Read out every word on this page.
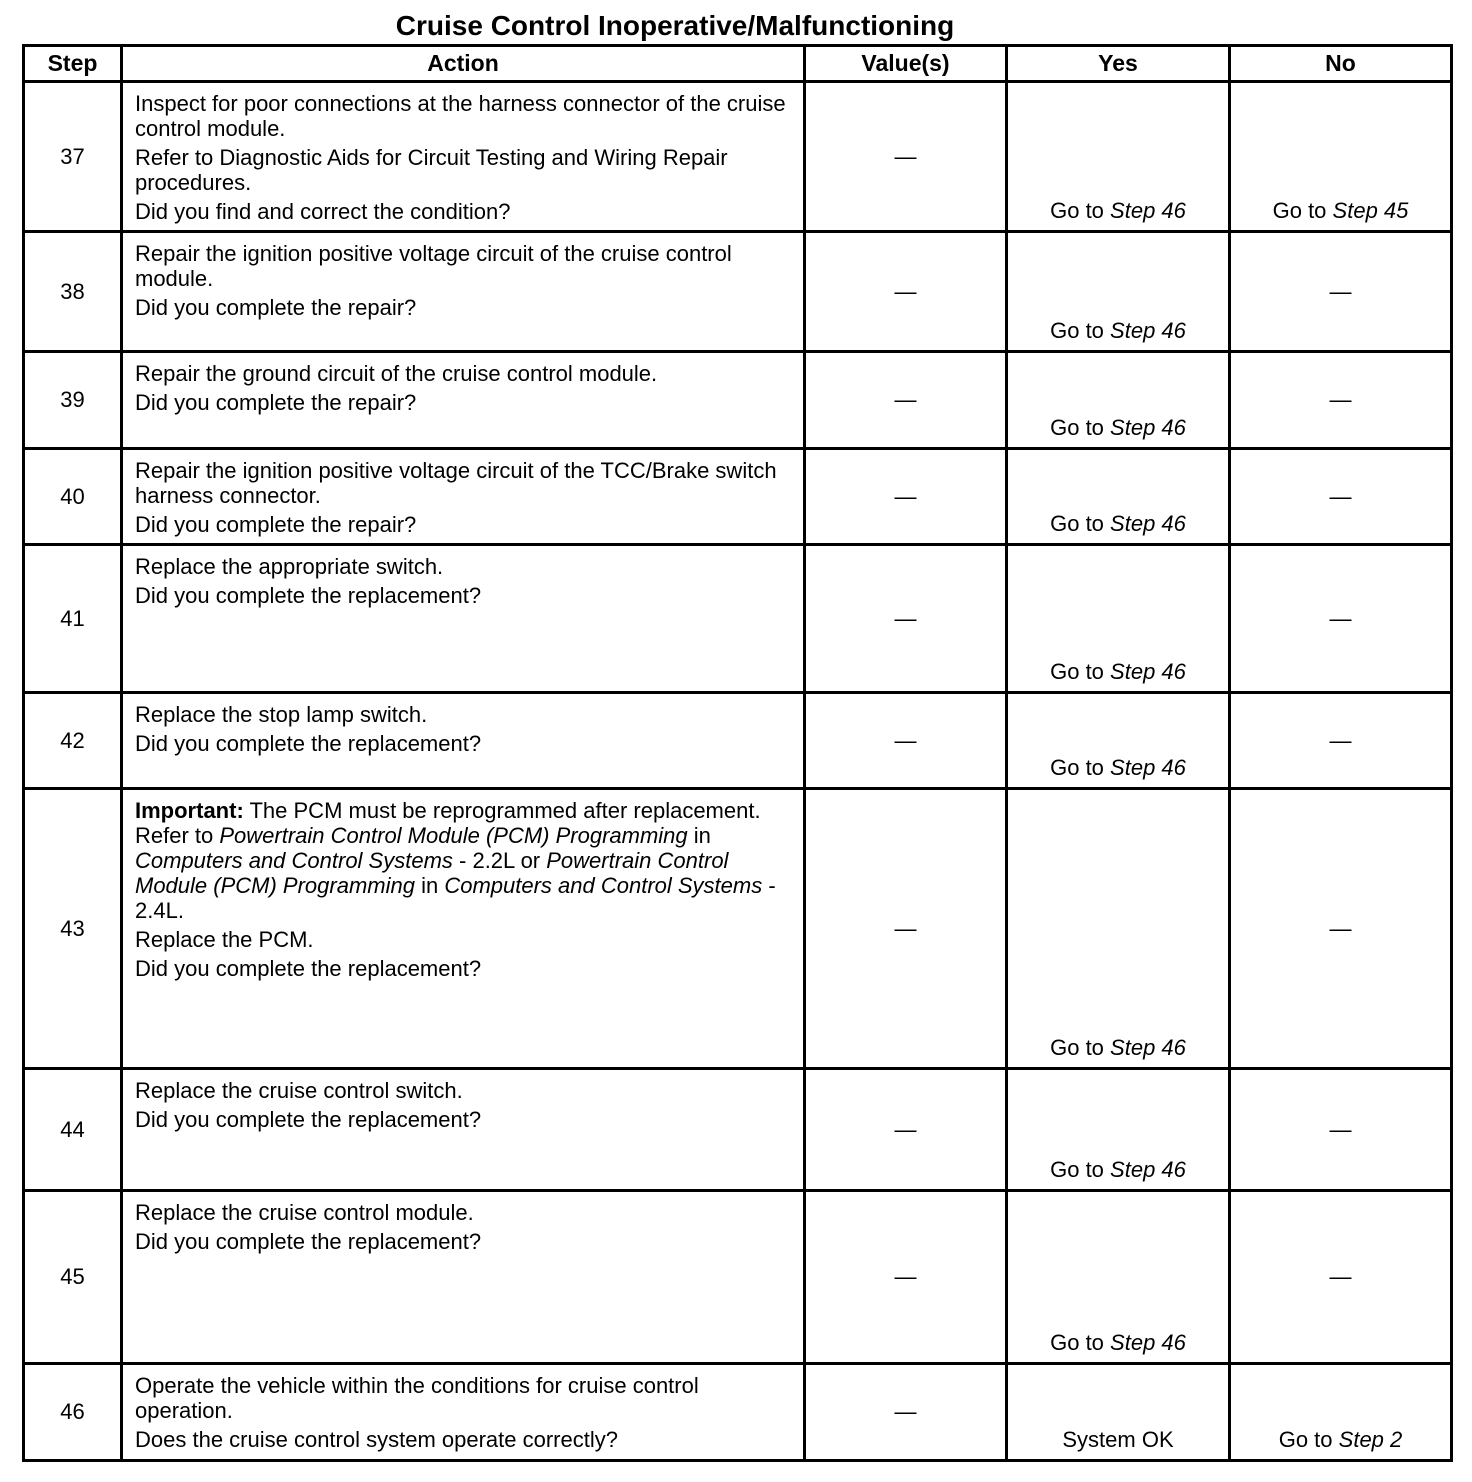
Cruise Control Inoperative/Malfunctioning
Step	Action	Value(s)	Yes	No
37	Inspect for poor connections at the harness connector of the cruise control module.

Refer to Diagnostic Aids for Circuit Testing and Wiring Repair procedures.

Did you find and correct the condition?	—	Go to Step 46	Go to Step 45
38	Repair the ignition positive voltage circuit of the cruise control module.

Did you complete the repair?	—	Go to Step 46	—
39	Repair the ground circuit of the cruise control module.

Did you complete the repair?	—	Go to Step 46	—
40	Repair the ignition positive voltage circuit of the TCC/Brake switch harness connector.

Did you complete the repair?	—	Go to Step 46	—
41	Replace the appropriate switch.

Did you complete the replacement?	—	Go to Step 46	—
42	Replace the stop lamp switch.

Did you complete the replacement?	—	Go to Step 46	—
43	Important: The PCM must be reprogrammed after replacement. Refer to Powertrain Control Module (PCM) Programming in Computers and Control Systems - 2.2L or Powertrain Control Module (PCM) Programming in Computers and Control Systems - 2.4L.

Replace the PCM.

Did you complete the replacement?	—	Go to Step 46	—
44	Replace the cruise control switch.

Did you complete the replacement?	—	Go to Step 46	—
45	Replace the cruise control module.

Did you complete the replacement?	—	Go to Step 46	—
46	Operate the vehicle within the conditions for cruise control operation.

Does the cruise control system operate correctly?	—	System OK	Go to Step 2
